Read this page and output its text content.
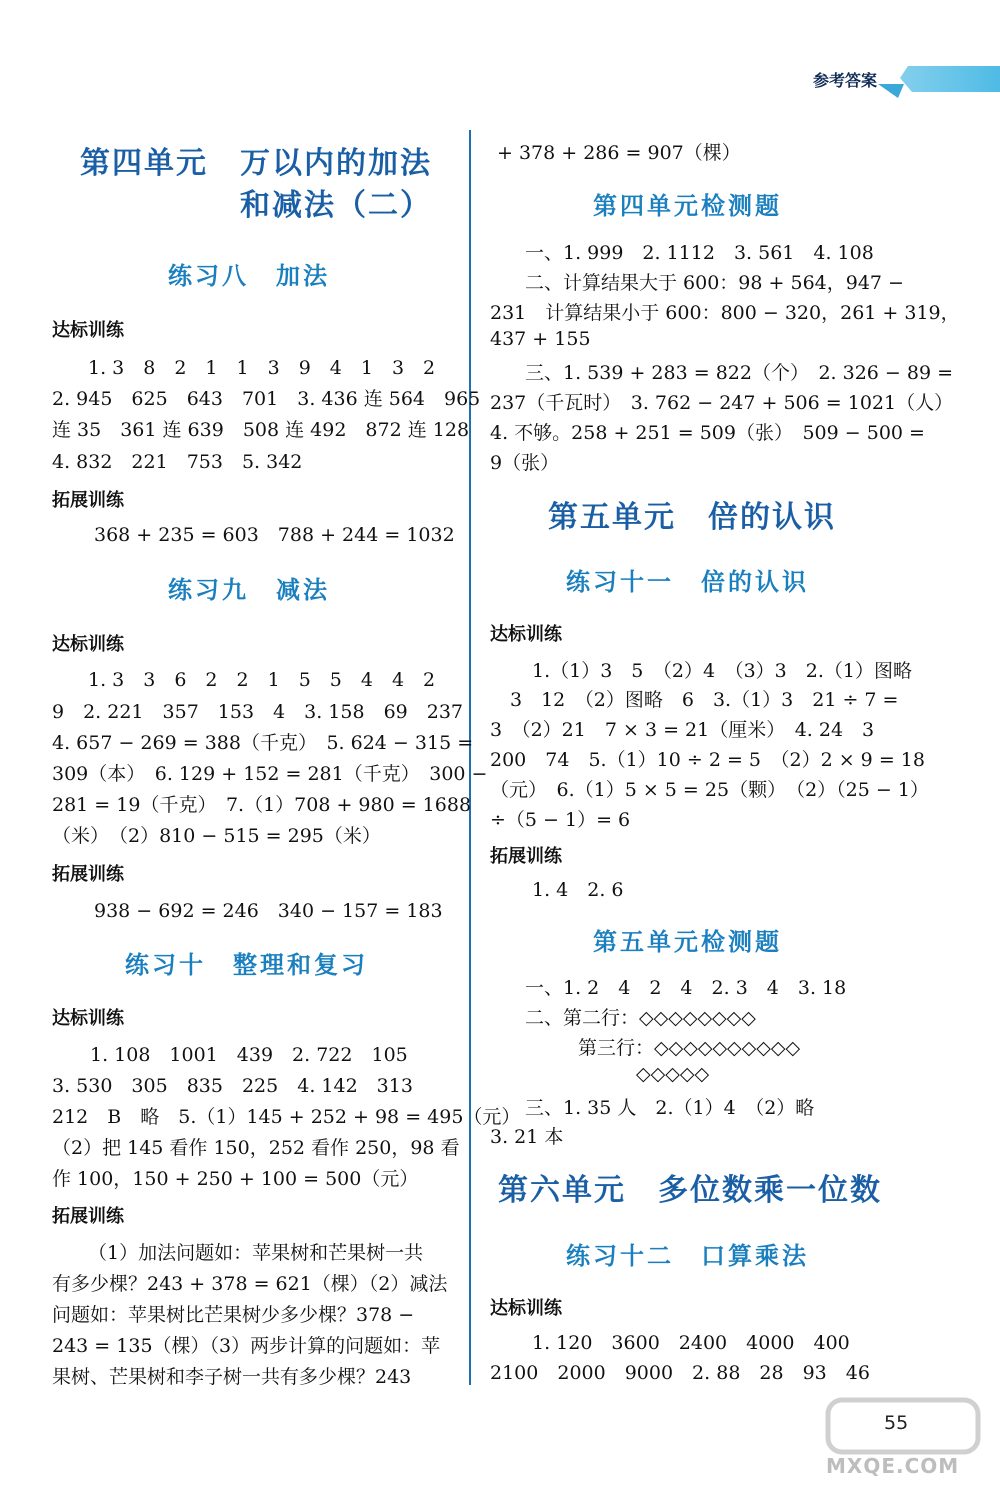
参考答案
第四单元　万以内的加法
和减法（二）
练习八　加法
达标训练
1. 3　8　2　1　1　3　9　4　1　3　2
2. 945　625　643　701　3. 436 连 564　965
连 35　361 连 639　508 连 492　872 连 128
4. 832　221　753　5. 342
拓展训练
368 + 235 = 603　788 + 244 = 1032
练习九　减法
达标训练
1. 3　3　6　2　2　1　5　5　4　4　2
9　2. 221　357　153　4　3. 158　69　237
4. 657 − 269 = 388（千克）　5. 624 − 315 =
309（本）　6. 129 + 152 = 281（千克）　300 −
281 = 19（千克）　7.（1）708 + 980 = 1688
（米）　（2）810 − 515 = 295（米）
拓展训练
938 − 692 = 246　340 − 157 = 183
练习十　整理和复习
达标训练
1. 108　1001　439　2. 722　105
3. 530　305　835　225　4. 142　313
212　B　略　5.（1）145 + 252 + 98 = 495（元）
（2）把 145 看作 150，252 看作 250，98 看
作 100，150 + 250 + 100 = 500（元）
拓展训练
（1）加法问题如：苹果树和芒果树一共
有多少棵？243 + 378 = 621（棵）（2）减法
问题如：苹果树比芒果树少多少棵？378 −
243 = 135（棵）（3）两步计算的问题如：苹
果树、芒果树和李子树一共有多少棵？243
+ 378 + 286 = 907（棵）
第四单元检测题
一、1. 999　2. 1112　3. 561　4. 108
二、计算结果大于 600：98 + 564，947 −
231　计算结果小于 600：800 − 320，261 + 319，
437 + 155
三、1. 539 + 283 = 822（个）　2. 326 − 89 =
237（千瓦时）　3. 762 − 247 + 506 = 1021（人）
4. 不够。258 + 251 = 509（张）　509 − 500 =
9（张）
第五单元　倍的认识
练习十一　倍的认识
达标训练
1.（1）3　5　（2）4　（3）3　2.（1）图略
3　12　（2）图略　6　3.（1）3　21 ÷ 7 =
3　（2）21　7 × 3 = 21（厘米）　4. 24　3
200　74　5.（1）10 ÷ 2 = 5　（2）2 × 9 = 18
（元）　6.（1）5 × 5 = 25（颗）　（2）（25 − 1）
÷（5 − 1）= 6
拓展训练
1. 4　2. 6
第五单元检测题
一、1. 2　4　2　4　2. 3　4　3. 18
二、第二行：◇◇◇◇◇◇◇◇
第三行：◇◇◇◇◇◇◇◇◇◇
◇◇◇◇◇
三、1. 35 人　2.（1）4　（2）略
3. 21 本
第六单元　多位数乘一位数
练习十二　口算乘法
达标训练
1. 120　3600　2400　4000　400
2100　2000　9000　2. 88　28　93　46
55
MXQE.COM
